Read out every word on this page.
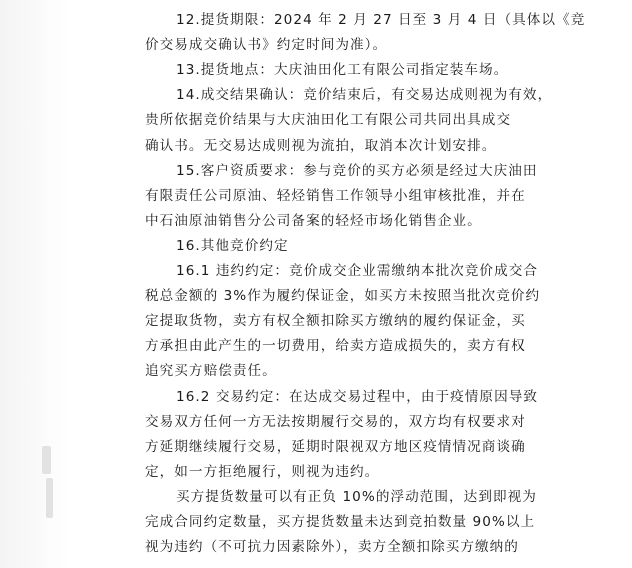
12.提货期限：2024 年 2 月 27 日至 3 月 4 日（具体以《竞
价交易成交确认书》约定时间为准）。
13.提货地点：大庆油田化工有限公司指定装车场。
14.成交结果确认：竞价结束后，有交易达成则视为有效，
贵所依据竞价结果与大庆油田化工有限公司共同出具成交
确认书。无交易达成则视为流拍，取消本次计划安排。
15.客户资质要求：参与竞价的买方必须是经过大庆油田
有限责任公司原油、轻烃销售工作领导小组审核批准，并在
中石油原油销售分公司备案的轻烃市场化销售企业。
16.其他竞价约定
16.1 违约约定：竞价成交企业需缴纳本批次竞价成交合
税总金额的 3%作为履约保证金，如买方未按照当批次竞价约
定提取货物，卖方有权全额扣除买方缴纳的履约保证金，买
方承担由此产生的一切费用，给卖方造成损失的，卖方有权
追究买方赔偿责任。
16.2 交易约定：在达成交易过程中，由于疫情原因导致
交易双方任何一方无法按期履行交易的，双方均有权要求对
方延期继续履行交易，延期时限视双方地区疫情情况商谈确
定，如一方拒绝履行，则视为违约。
买方提货数量可以有正负 10%的浮动范围，达到即视为
完成合同约定数量，买方提货数量未达到竞拍数量 90%以上
视为违约（不可抗力因素除外），卖方全额扣除买方缴纳的
